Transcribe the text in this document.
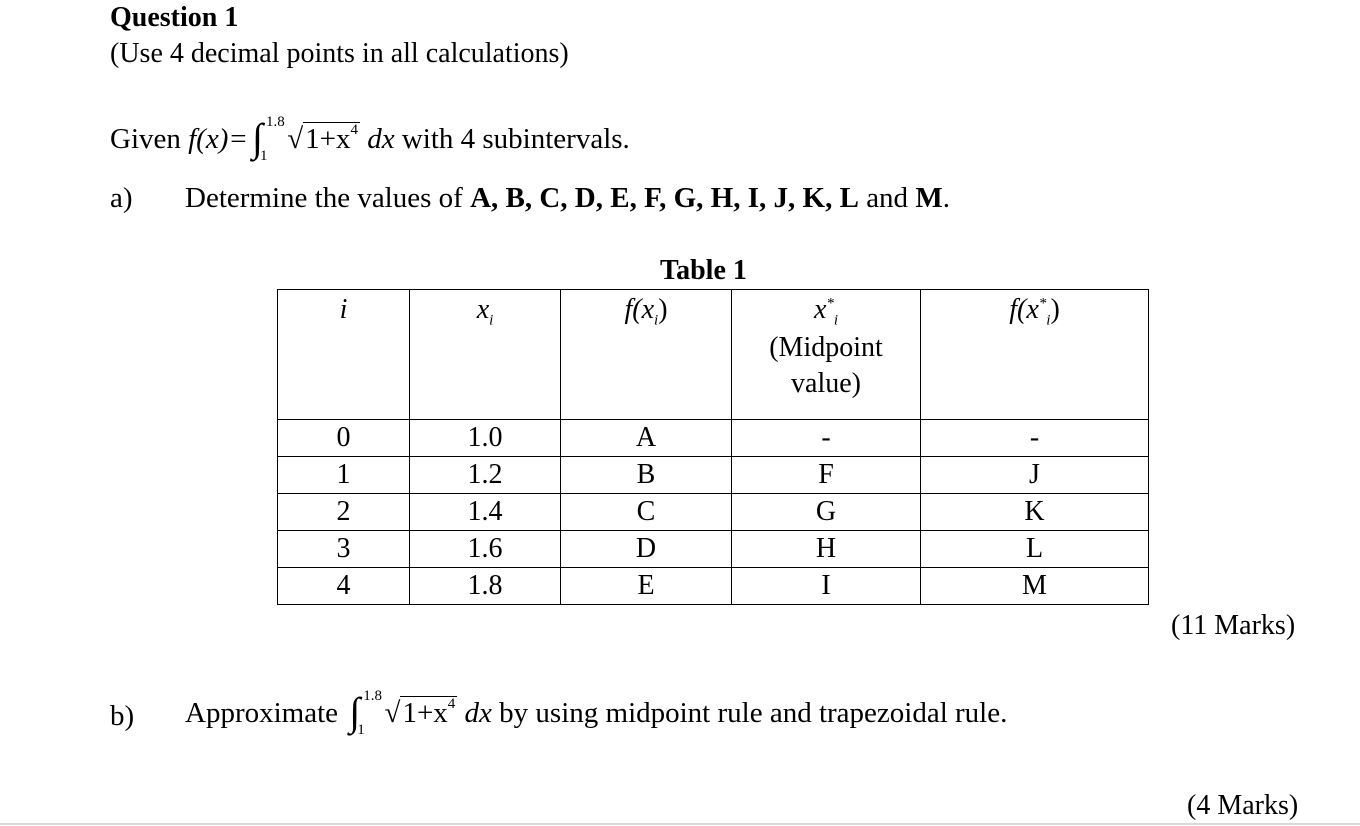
Question 1
(Use 4 decimal points in all calculations)
Given f(x)= ∫ 1.8
1
$√1+x^4$ dx with 4 subintervals.
a) Determine the values of A, B, C, D, E, F, G, H, I, J, K, L and M.
Table 1
i	$x_i$	$f(x_i)$	$x^*_i$
(Midpoint
value)	$f(x^*_i)$

0	1.0	A	-	-
1	1.2	B	F	J
2	1.4	C	G	K
3	1.6	D	H	L
4	1.8	E	I	M
(11 Marks)
b) Approximate ∫ 1.8
1
$√1+x^4$ dx by using midpoint rule and trapezoidal rule.
(4 Marks)
